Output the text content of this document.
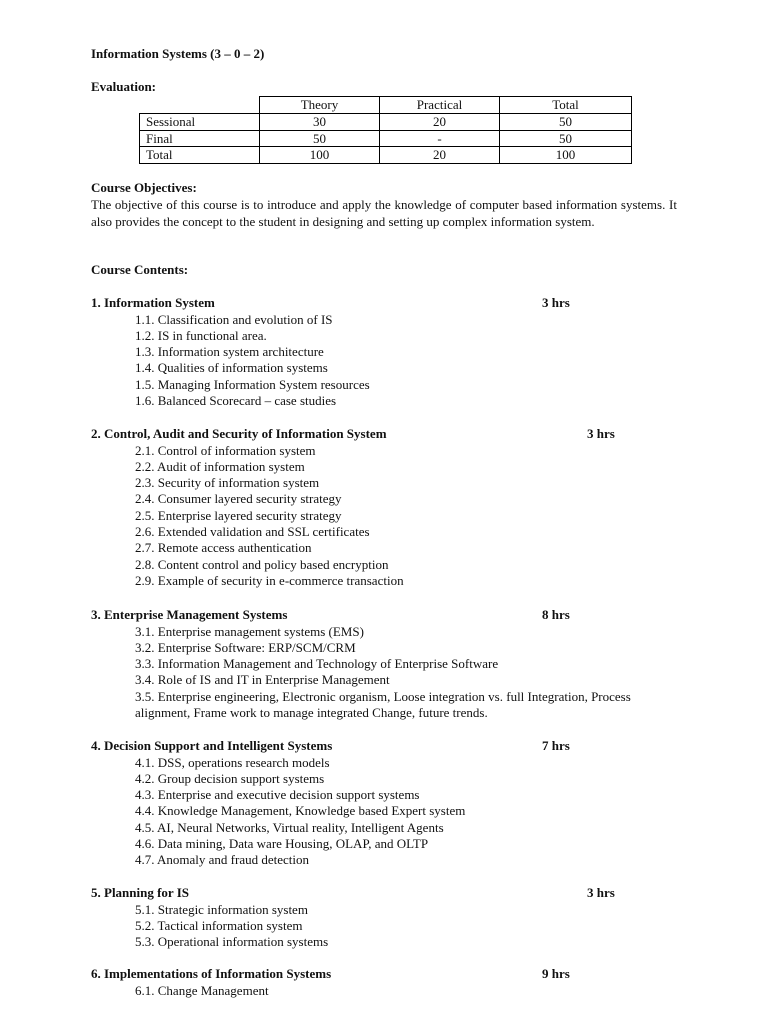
Information Systems (3 – 0 – 2)
Evaluation:
	Theory	Practical	Total
Sessional	30	20	50
Final	50	-	50
Total	100	20	100
Course Objectives:
The objective of this course is to introduce and apply the knowledge of computer based information systems. It also provides the concept to the student in designing and setting up complex information system.
Course Contents:
1. Information System	3 hrs
1.1. Classification and evolution of IS
1.2. IS in functional area.
1.3. Information system architecture
1.4. Qualities of information systems
1.5. Managing Information System resources
1.6. Balanced Scorecard – case studies
2. Control, Audit and Security of Information System	3 hrs
2.1. Control of information system
2.2. Audit of information system
2.3. Security of information system
2.4. Consumer layered security strategy
2.5. Enterprise layered security strategy
2.6. Extended validation and SSL certificates
2.7. Remote access authentication
2.8. Content control and policy based encryption
2.9. Example of security in e-commerce transaction
3. Enterprise Management Systems	8 hrs
3.1. Enterprise management systems (EMS)
3.2. Enterprise Software: ERP/SCM/CRM
3.3. Information Management and Technology of Enterprise Software
3.4. Role of IS and IT in Enterprise Management
3.5. Enterprise engineering, Electronic organism, Loose integration vs. full Integration, Process alignment, Frame work to manage integrated Change, future trends.
4. Decision Support and Intelligent Systems	7 hrs
4.1. DSS, operations research models
4.2. Group decision support systems
4.3. Enterprise and executive decision support systems
4.4. Knowledge Management, Knowledge based Expert system
4.5. AI, Neural Networks, Virtual reality, Intelligent Agents
4.6. Data mining, Data ware Housing, OLAP, and OLTP
4.7. Anomaly and fraud detection
5. Planning for IS	3 hrs
5.1. Strategic information system
5.2. Tactical information system
5.3. Operational information systems
6. Implementations of Information Systems	9 hrs
6.1. Change Management
